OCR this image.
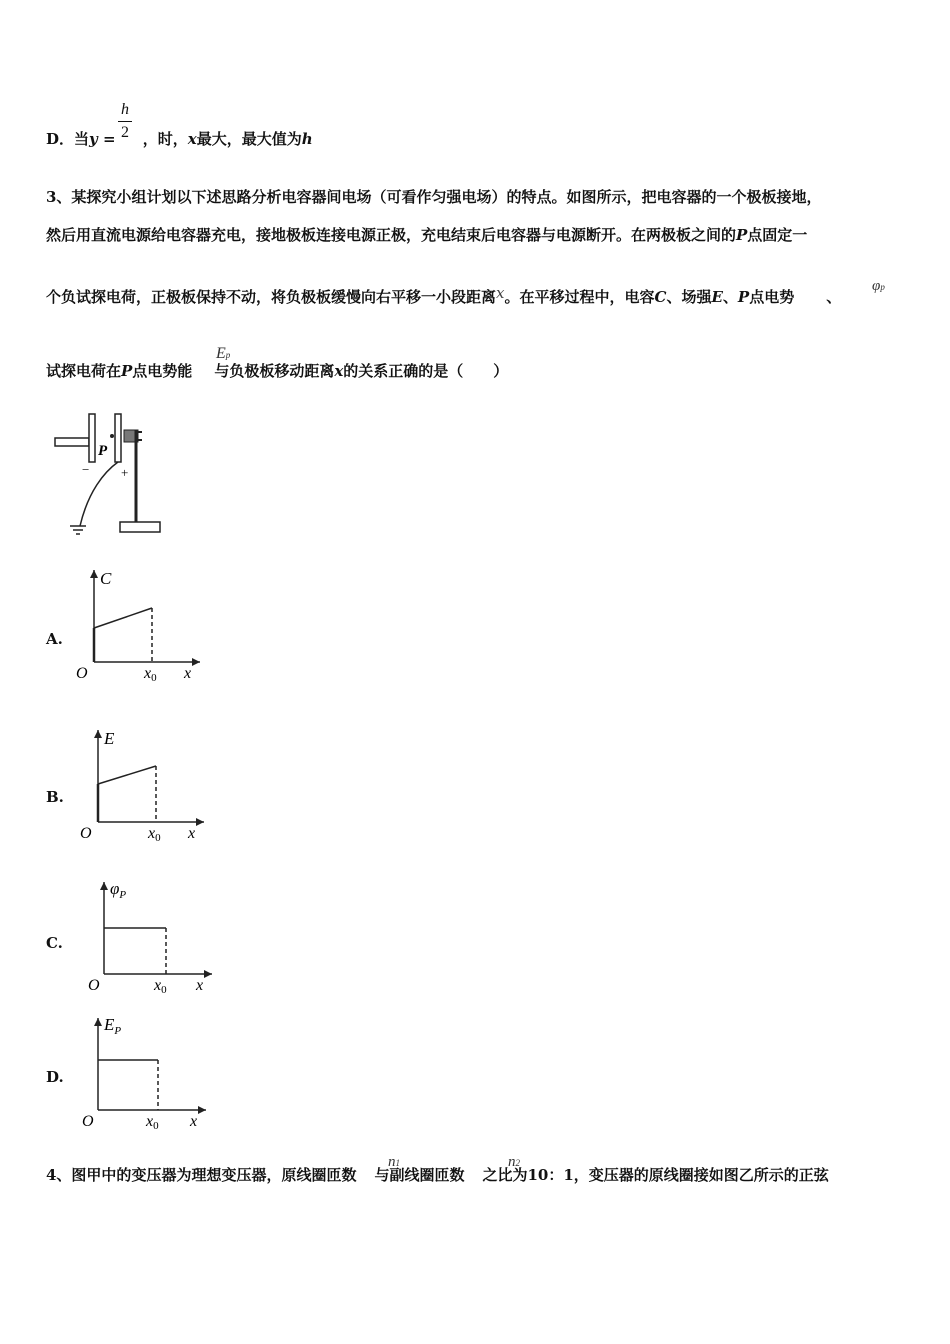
D．当y = ，时，x最大，最大值为h
h
2
3、某探究小组计划以下述思路分析电容器间电场（可看作匀强电场）的特点。如图所示，把电容器的一个极板接地，
然后用直流电源给电容器充电，接地极板连接电源正极，充电结束后电容器与电源断开。在两极板之间的P点固定一
个负试探电荷，正极板保持不动，将负极板缓慢向右平移一小段距离x。在平移过程中，电容C、场强E、P点电势 、
φp
试探电荷在P点电势能 与负极板移动距离x的关系正确的是（　　）
Ep
P
− +
A.
C
O	x0 x
B.
E
O	x0 x
C.
$\varphi_P$
O	x0 x
D.
$E_P$
O	x0 x
4、图甲中的变压器为理想变压器，原线圈匝数 与副线圈匝数 之比为10：1，变压器的原线圈接如图乙所示的正弦
n1	n2
